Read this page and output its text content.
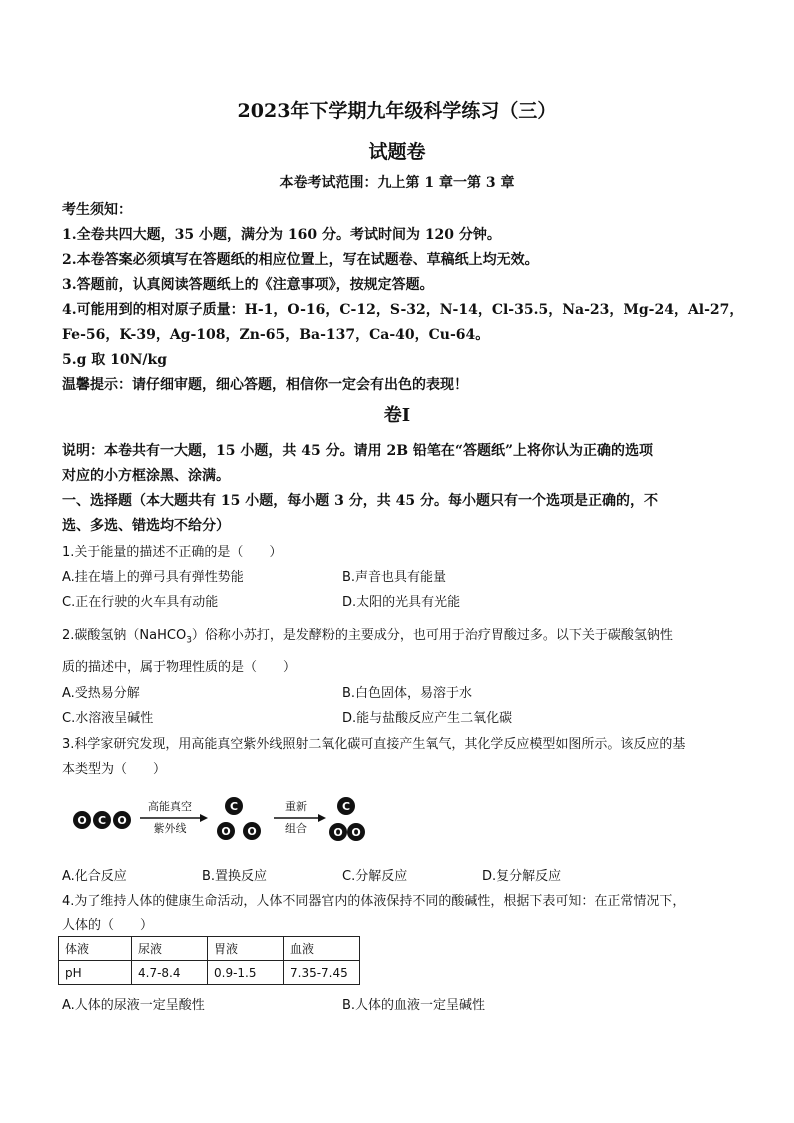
2023年下学期九年级科学练习（三）
试题卷
本卷考试范围：九上第 1 章一第 3 章
考生须知：
1.全卷共四大题，35 小题，满分为 160 分。考试时间为 120 分钟。
2.本卷答案必须填写在答题纸的相应位置上，写在试题卷、草稿纸上均无效。
3.答题前，认真阅读答题纸上的《注意事项》，按规定答题。
4.可能用到的相对原子质量：H-1，O-16，C-12，S-32，N-14，Cl-35.5，Na-23，Mg-24，Al-27，
Fe-56，K-39，Ag-108，Zn-65，Ba-137，Ca-40，Cu-64。
5.g 取 10N/kg
温馨提示：请仔细审题，细心答题，相信你一定会有出色的表现！
卷Ⅰ
说明：本卷共有一大题，15 小题，共 45 分。请用 2B 铅笔在“答题纸”上将你认为正确的选项
对应的小方框涂黑、涂满。
一、选择题（本大题共有 15 小题，每小题 3 分，共 45 分。每小题只有一个选项是正确的，不
选、多选、错选均不给分）
1.关于能量的描述不正确的是（　　）
A.挂在墙上的弹弓具有弹性势能	B.声音也具有能量
C.正在行驶的火车具有动能	D.太阳的光具有光能
2.碳酸氢钠（NaHCO$_3$）俗称小苏打，是发酵粉的主要成分，也可用于治疗胃酸过多。以下关于碳酸氢钠性
质的描述中，属于物理性质的是（　　）
A.受热易分解	B.白色固体，易溶于水
C.水溶液呈碱性	D.能与盐酸反应产生二氧化碳
3.科学家研究发现，用高能真空紫外线照射二氧化碳可直接产生氧气，其化学反应模型如图所示。该反应的基
本类型为（　　）
O C O
高能真空
紫外线
C
O O
重新
组合
C
O O
A.化合反应	B.置换反应	C.分解反应	D.复分解反应
4.为了维持人体的健康生命活动，人体不同器官内的体液保持不同的酸碱性，根据下表可知：在正常情况下，
人体的（　　）
体液	尿液	胃液	血液
pH	4.7-8.4	0.9-1.5	7.35-7.45
A.人体的尿液一定呈酸性	B.人体的血液一定呈碱性
